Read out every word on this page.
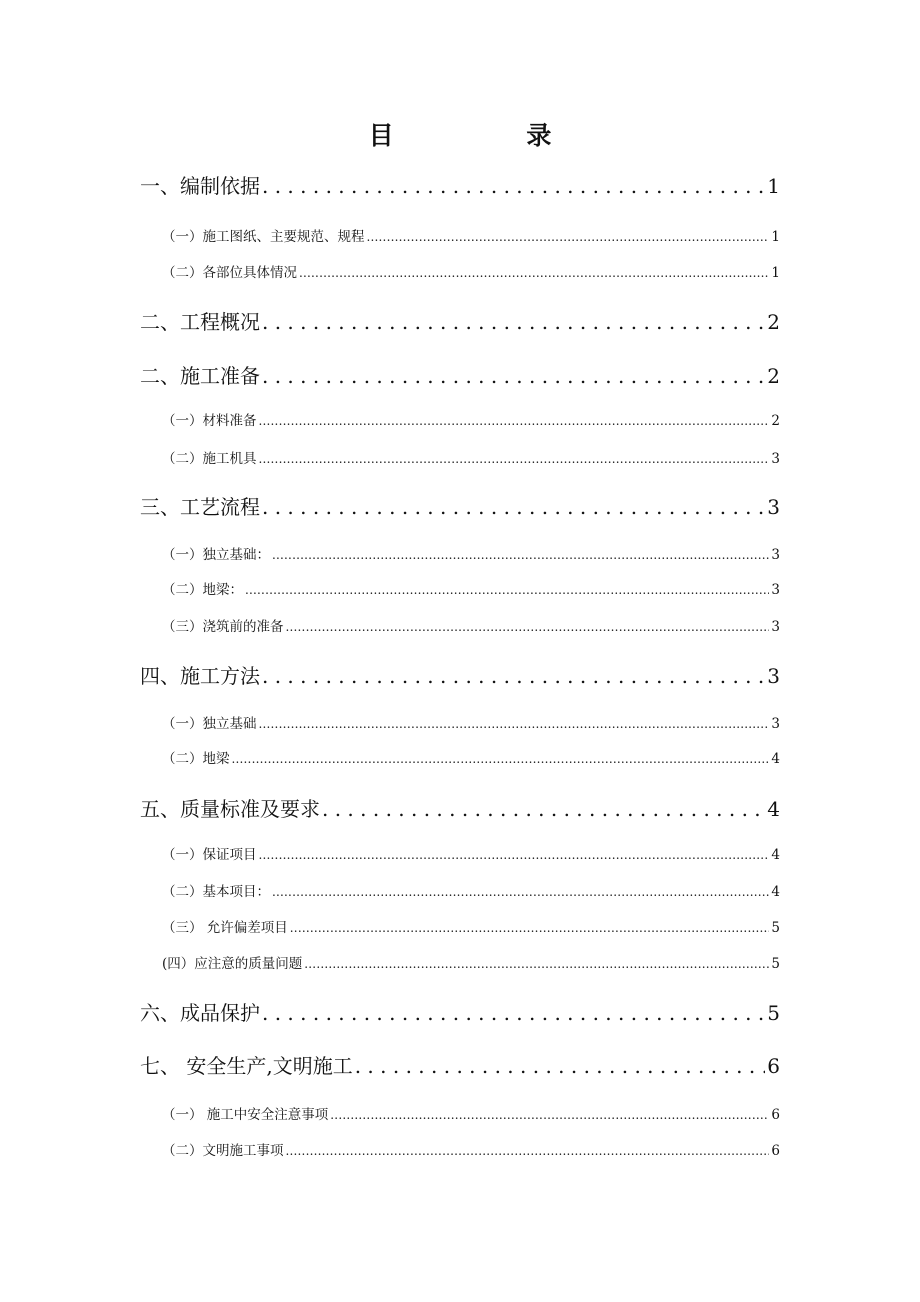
目 录
一、编制依据 . . .	1
（一）施工图纸、主要规范、规程 .....	1
（二）各部位具体情况 .....	1
二、工程概况 . . .	2
二、施工准备 . . .	2
（一）材料准备 .....	2
（二）施工机具 .....	3
三、工艺流程 . . .	3
（一）独立基础： .....	3
（二）地梁： .....	3
（三）浇筑前的准备 .....	3
四、施工方法 . . .	3
（一）独立基础 .....	3
（二）地梁 .....	4
五、质量标准及要求 . . .	4
（一）保证项目 .....	4
（二）基本项目： .....	4
（三） 允许偏差项目 .....	5
(四）应注意的质量问题 .....	5
六、成品保护 . . .	5
七、 安全生产,文明施工 . . .	6
（一） 施工中安全注意事项 .....	6
（二）文明施工事项 .....	6
